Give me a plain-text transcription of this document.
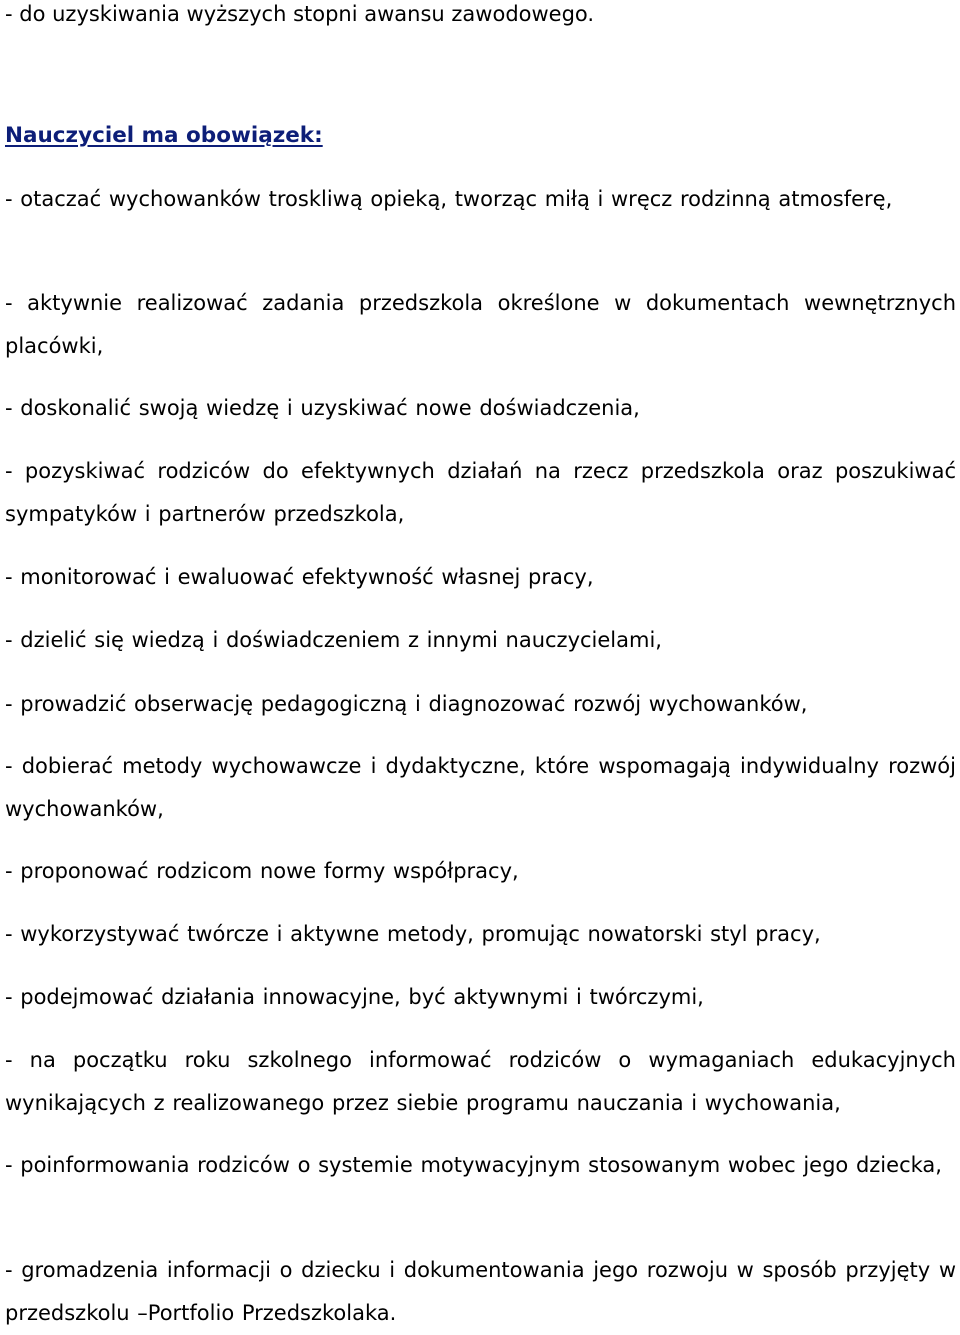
- do uzyskiwania wyższych stopni awansu zawodowego.

Nauczyciel ma obowiązek:

- otaczać wychowanków troskliwą opieką, tworząc miłą i wręcz rodzinną atmosferę,

- aktywnie realizować zadania przedszkola określone w dokumentach wewnętrznych placówki,

- doskonalić swoją wiedzę i uzyskiwać nowe doświadczenia,

- pozyskiwać rodziców do efektywnych działań na rzecz przedszkola oraz poszukiwać sympatyków i partnerów przedszkola,

- monitorować i ewaluować efektywność własnej pracy,

- dzielić się wiedzą i doświadczeniem z innymi nauczycielami,

- prowadzić obserwację pedagogiczną i diagnozować rozwój wychowanków,

- dobierać metody wychowawcze i dydaktyczne, które wspomagają indywidualny rozwój wychowanków,

- proponować rodzicom nowe formy współpracy,

- wykorzystywać twórcze i aktywne metody, promując nowatorski styl pracy,

- podejmować działania innowacyjne, być aktywnymi i twórczymi,

- na początku roku szkolnego informować rodziców o wymaganiach edukacyjnych wynikających z realizowanego przez siebie programu nauczania i wychowania,

- poinformowania rodziców o systemie motywacyjnym stosowanym wobec jego dziecka,

- gromadzenia informacji o dziecku i dokumentowania jego rozwoju w sposób przyjęty w przedszkolu –Portfolio Przedszkolaka.
